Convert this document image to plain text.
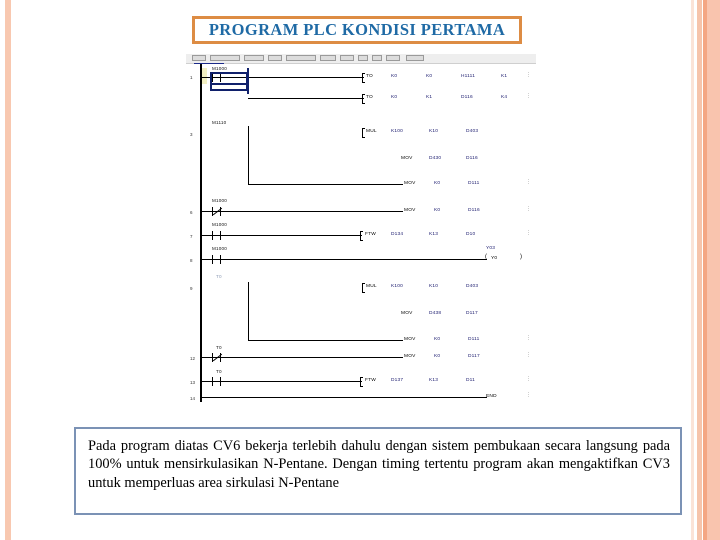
PROGRAM PLC KONDISI PERTAMA
1
M1000
TO	K0	K0	H1111	K1	⋮
TO	K0	K1	D116	K4	⋮
3
M1110
MUL	K100	K10	D403
MOV	D430	D116
MOV	K0	D111	⋮
6
M1000
MOV	K0	D116	⋮
7
M1000
FTW	D134	K13	D10	⋮
8
M1000	Y03
( Y0	)
9
T0
MUL	K100	K10	D403
MOV	D438	D117
MOV	K0	D111	⋮
12
T0
MOV	K0	D117	⋮
13
T0
FTW	D137	K13	D11	⋮
14	END	⋮

Pada program diatas CV6 bekerja terlebih dahulu dengan sistem pembukaan secara langsung pada 100% untuk mensirkulasikan N-Pentane. Dengan timing tertentu program akan mengaktifkan CV3 untuk memperluas area sirkulasi N-Pentane
